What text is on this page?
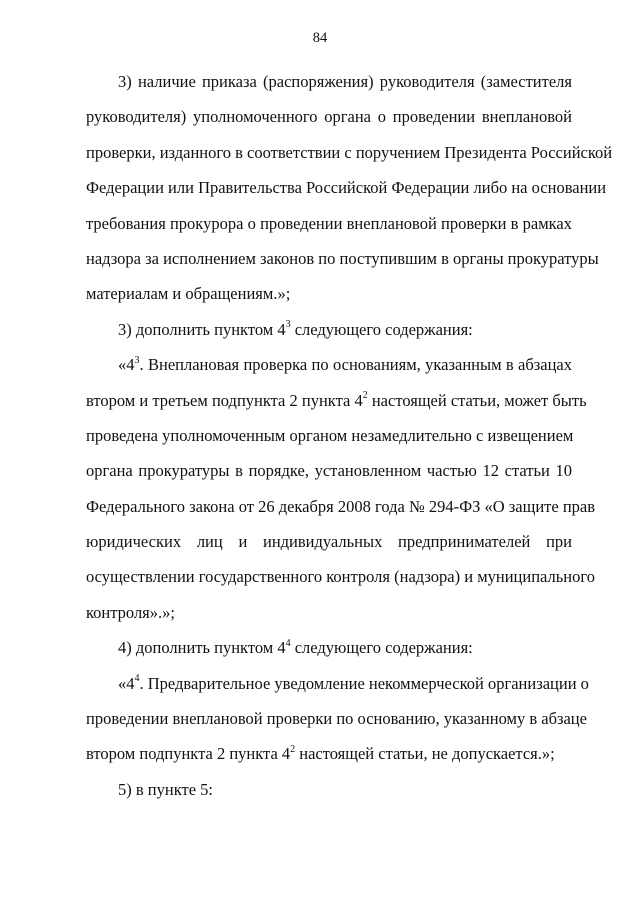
84
3) наличие приказа (распоряжения) руководителя (заместителя
руководителя) уполномоченного органа о проведении внеплановой
проверки, изданного в соответствии с поручением Президента Российской
Федерации или Правительства Российской Федерации либо на основании
требования прокурора о проведении внеплановой проверки в рамках
надзора за исполнением законов по поступившим в органы прокуратуры
материалам и обращениям.»;
3) дополнить пунктом $4^3$ следующего содержания:
«$4^3$. Внеплановая проверка по основаниям, указанным в абзацах
втором и третьем подпункта 2 пункта $4^2$ настоящей статьи, может быть
проведена уполномоченным органом незамедлительно с извещением
органа прокуратуры в порядке, установленном частью 12 статьи 10
Федерального закона от 26 декабря 2008 года № 294-ФЗ «О защите прав
юридических лиц и индивидуальных предпринимателей при
осуществлении государственного контроля (надзора) и муниципального
контроля».»;
4) дополнить пунктом $4^4$ следующего содержания:
«$4^4$. Предварительное уведомление некоммерческой организации о
проведении внеплановой проверки по основанию, указанному в абзаце
втором подпункта 2 пункта $4^2$ настоящей статьи, не допускается.»;
5) в пункте 5:
